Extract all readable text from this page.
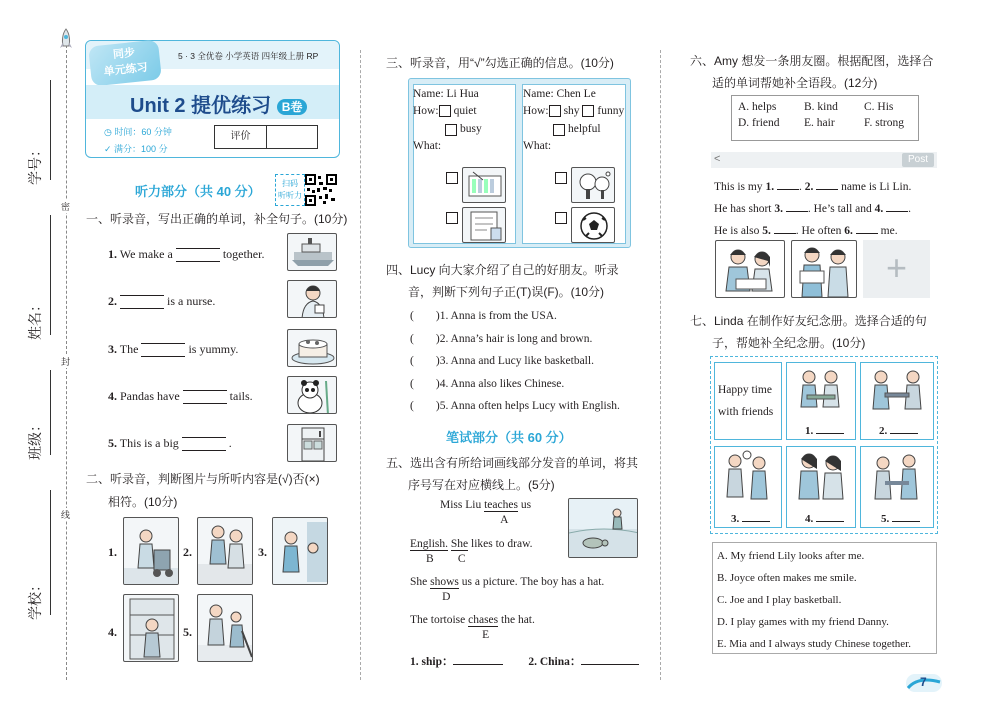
学号：
姓名：
班级：
学校：
密
封
线
同步
单元练习
5 · 3 全优卷 小学英语 四年级上册 RP
Unit 2 提优练习 B卷
◷ 时间：60 分钟
✓ 满分：100 分
评价
听力部分（共 40 分）
扫码
听听力
一、听录音，写出正确的单词，补全句子。(10分)
1. We make a	together.
2.	is a nurse.
3. The	is yummy.
4. Pandas have	tails.
5. This is a big	.
二、听录音，判断图片与所听内容是(√)否(×)
相符。(10分)
1.	3.
4.	5.
2.
三、听录音，用“√”勾选正确的信息。(10分)
Name: Li Hua
How: quiet
busy
What:
Name: Chen Le
How: shy funny
helpful
What:
四、Lucy 向大家介绍了自己的好朋友。听录
音，判断下列句子正(T)误(F)。(10分)
( )1. Anna is from the USA.
( )2. Anna’s hair is long and brown.
( )3. Anna and Lucy like basketball.
( )4. Anna also likes Chinese.
( )5. Anna often helps Lucy with English.
笔试部分（共 60 分）
五、选出含有所给词画线部分发音的单词，将其
序号写在对应横线上。(5分)
Miss Liu teaches
A
us
English.
B
She
C
likes to draw.
She shows
D
us a picture. The boy has a hat.
The tortoise chases
E
the hat.
1. ship：	2. China：
六、Amy 想发一条朋友圈。根据配图，选择合
适的单词帮她补全语段。(12分)
A. helps	B. kind	C. His
D. friend	E. hair	F. strong
<	Post
This is my 1. . 2. name is Li Lin.
He has short 3. . He’s tall and 4. .
He is also 5. . He often 6. me.
+
七、Linda 在制作好友纪念册。选择合适的句
子，帮她补全纪念册。(10分)
Happy time
with friends
1.	2.
3.	4.	5.
A. My friend Lily looks after me.
B. Joyce often makes me smile.
C. Joe and I play basketball.
D. I play games with my friend Danny.
E. Mia and I always study Chinese together.
7
